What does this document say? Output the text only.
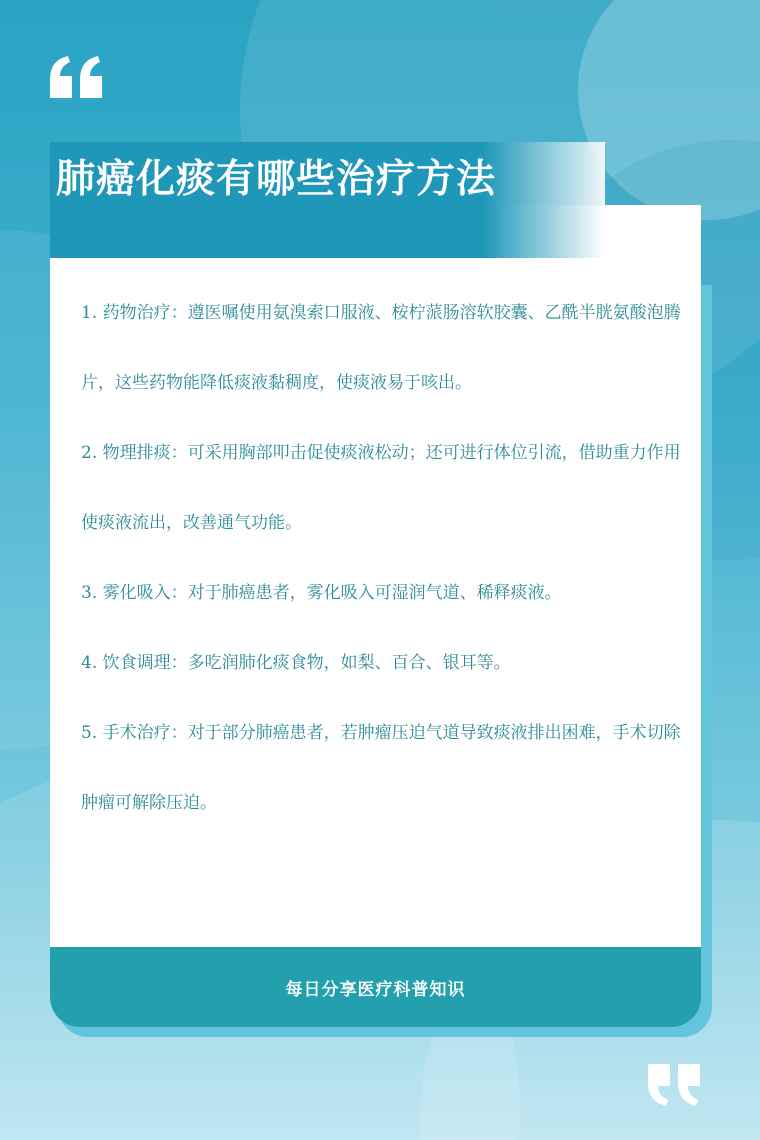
肺癌化痰有哪些治疗方法

1. 药物治疗：遵医嘱使用氨溴索口服液、桉柠蒎肠溶软胶囊、乙酰半胱氨酸泡腾片，这些药物能降低痰液黏稠度，使痰液易于咳出。

2. 物理排痰：可采用胸部叩击促使痰液松动；还可进行体位引流，借助重力作用使痰液流出，改善通气功能。

3. 雾化吸入：对于肺癌患者，雾化吸入可湿润气道、稀释痰液。

4. 饮食调理：多吃润肺化痰食物，如梨、百合、银耳等。

5. 手术治疗：对于部分肺癌患者，若肿瘤压迫气道导致痰液排出困难，手术切除肿瘤可解除压迫。

每日分享医疗科普知识
